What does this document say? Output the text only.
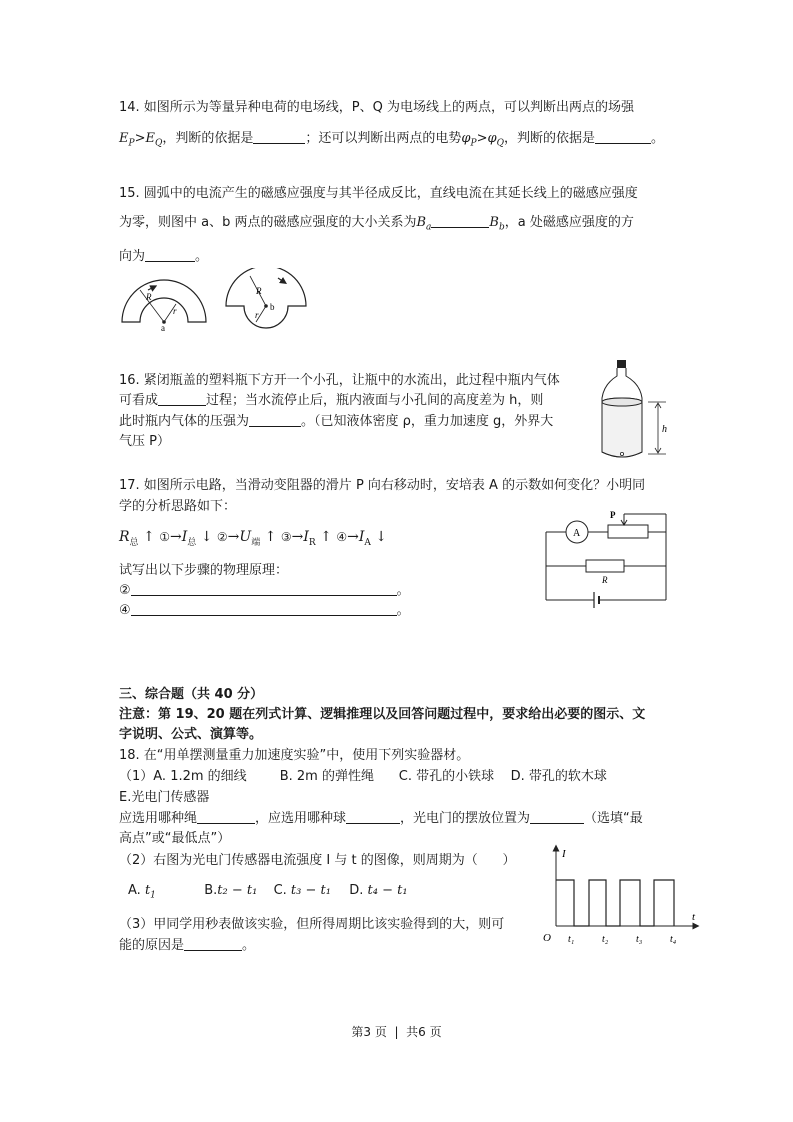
14. 如图所示为等量异种电荷的电场线，P、Q 为电场线上的两点，可以判断出两点的场强
$E_P>E_Q$，判断的依据是	；还可以判断出两点的电势$\varphi_P>\varphi_Q$，判断的依据是	。
15. 圆弧中的电流产生的磁感应强度与其半径成反比，直线电流在其延长线上的磁感应强度
为零，则图中 a、b 两点的磁感应强度的大小关系为$B_a$	$B_b$，a 处磁感应强度的方
向为	。
R
r
a
R
r
b
16. 紧闭瓶盖的塑料瓶下方开一个小孔，让瓶中的水流出，此过程中瓶内气体
可看成	过程；当水流停止后，瓶内液面与小孔间的高度差为 h，则
此时瓶内气体的压强为	。（已知液体密度 ρ，重力加速度 g，外界大
气压 P）
h
17. 如图所示电路，当滑动变阻器的滑片 P 向右移动时，安培表 A 的示数如何变化？小明同
学的分析思路如下：
$R_总$ ↑ $①\to I_总$ ↓ $②\to U_端$ ↑ $③\to I_R$ ↑ $④\to I_A$ ↓
试写出以下步骤的物理原理：
②	。
④	。
A
P
R
三、综合题（共 40 分）
注意：第 19、20 题在列式计算、逻辑推理以及回答问题过程中，要求给出必要的图示、文
字说明、公式、演算等。
18. 在“用单摆测量重力加速度实验”中，使用下列实验器材。
（1）A. 1.2m 的细线        B. 2m 的弹性绳      C. 带孔的小铁球    D. 带孔的软木球
E.光电门传感器
应选用哪种绳	，应选用哪种球	，光电门的摆放位置为	（选填“最
高点”或“最低点”）
（2）右图为光电门传感器电流强度 I 与 t 的图像，则周期为（      ）
A. $t_1$	B.t₂ − t₁ C. t₃ − t₁ D. t₄ − t₁
（3）甲同学用秒表做该实验，但所得周期比该实验得到的大，则可
能的原因是	。
I
t
O t₁	t₂	t₃	t₄
第3 页  |  共6 页
